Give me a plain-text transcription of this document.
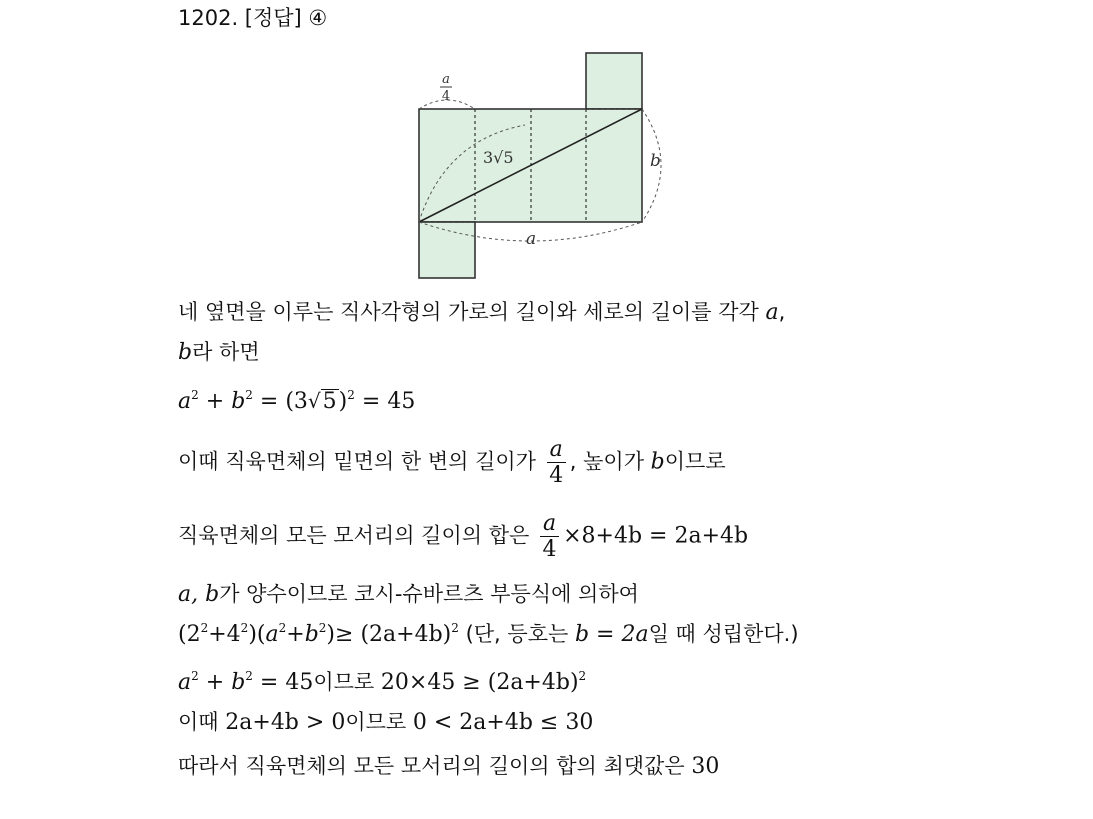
1202. [정답] ④
a
4
3√5	b
a
네 옆면을 이루는 직사각형의 가로의 길이와 세로의 길이를 각각 a,
b라 하면
$a^2 + b^2 = (3√5)^2 = 45$
이때 직육면체의 밑면의 한 변의 길이가 $\frac{a}{4}$ , 높이가 b이므로
직육면체의 모든 모서리의 길이의 합은 $\frac{a}{4} \times 8+4b = 2a+4b$
a, b가 양수이므로 코시-슈바르츠 부등식에 의하여
$(2^2+4^2)(a^2+b^2)\ge (2a+4b)^2$ (단, 등호는 b = 2a일 때 성립한다.)
$a^2 + b^2 = 45$이므로 $20\times 45 \ge (2a+4b)^2$
이때 2a+4b > 0이므로 0 < 2a+4b ≤ 30
따라서 직육면체의 모든 모서리의 길이의 합의 최댓값은 30
